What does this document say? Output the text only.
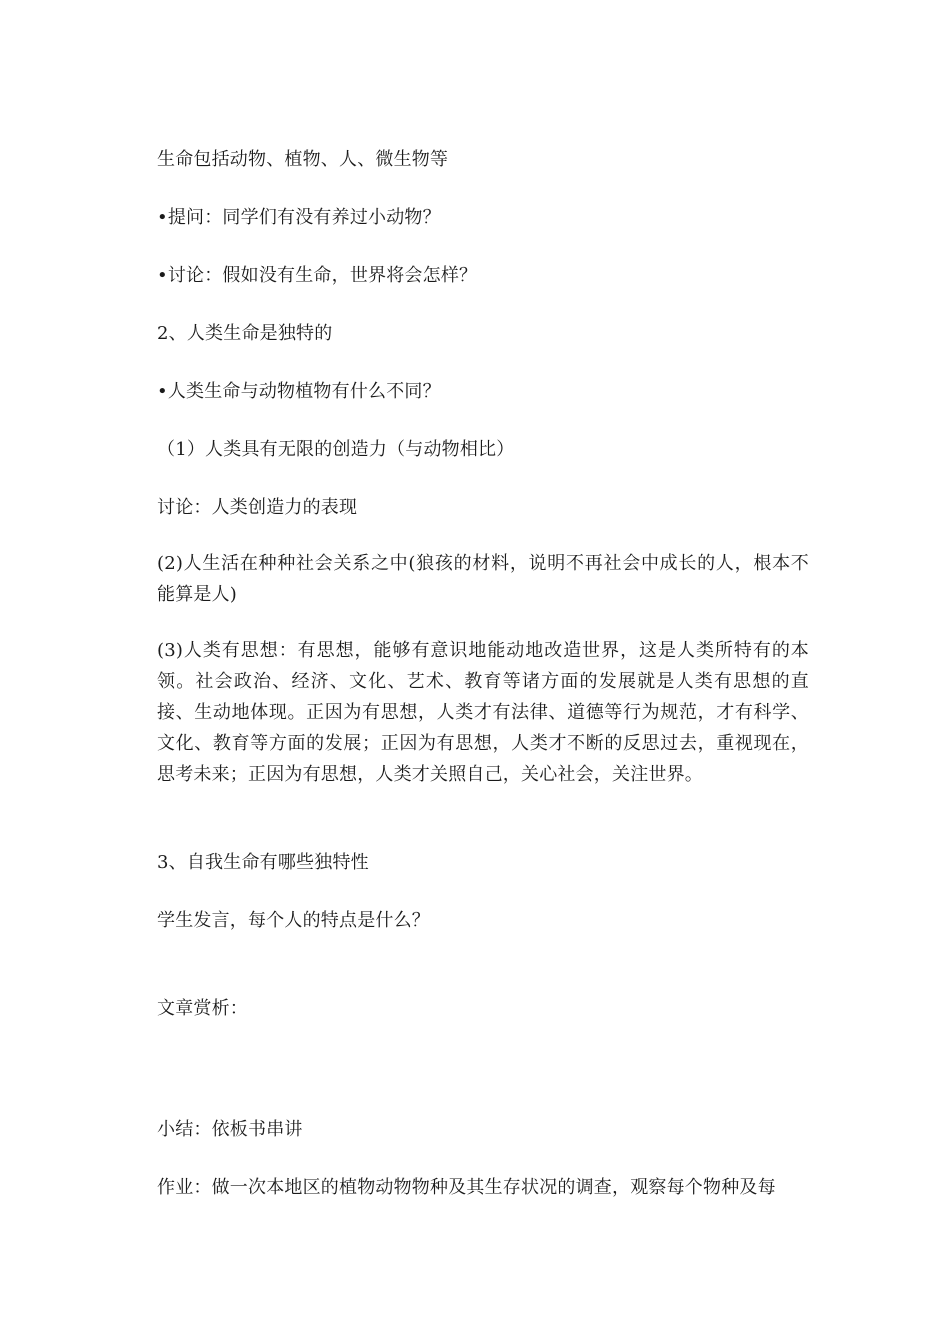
生命包括动物、植物、人、微生物等

•提问：同学们有没有养过小动物？

•讨论：假如没有生命，世界将会怎样？

2、人类生命是独特的

•人类生命与动物植物有什么不同？

（1）人类具有无限的创造力（与动物相比）

讨论：人类创造力的表现

(2)人生活在种种社会关系之中(狼孩的材料，说明不再社会中成长的人，根本不能算是人)

(3)人类有思想：有思想，能够有意识地能动地改造世界，这是人类所特有的本领。社会政治、经济、文化、艺术、教育等诸方面的发展就是人类有思想的直接、生动地体现。正因为有思想，人类才有法律、道德等行为规范，才有科学、文化、教育等方面的发展；正因为有思想，人类才不断的反思过去，重视现在，思考未来；正因为有思想，人类才关照自己，关心社会，关注世界。

3、自我生命有哪些独特性

学生发言，每个人的特点是什么？

文章赏析：

小结：依板书串讲

作业：做一次本地区的植物动物物种及其生存状况的调查，观察每个物种及每
